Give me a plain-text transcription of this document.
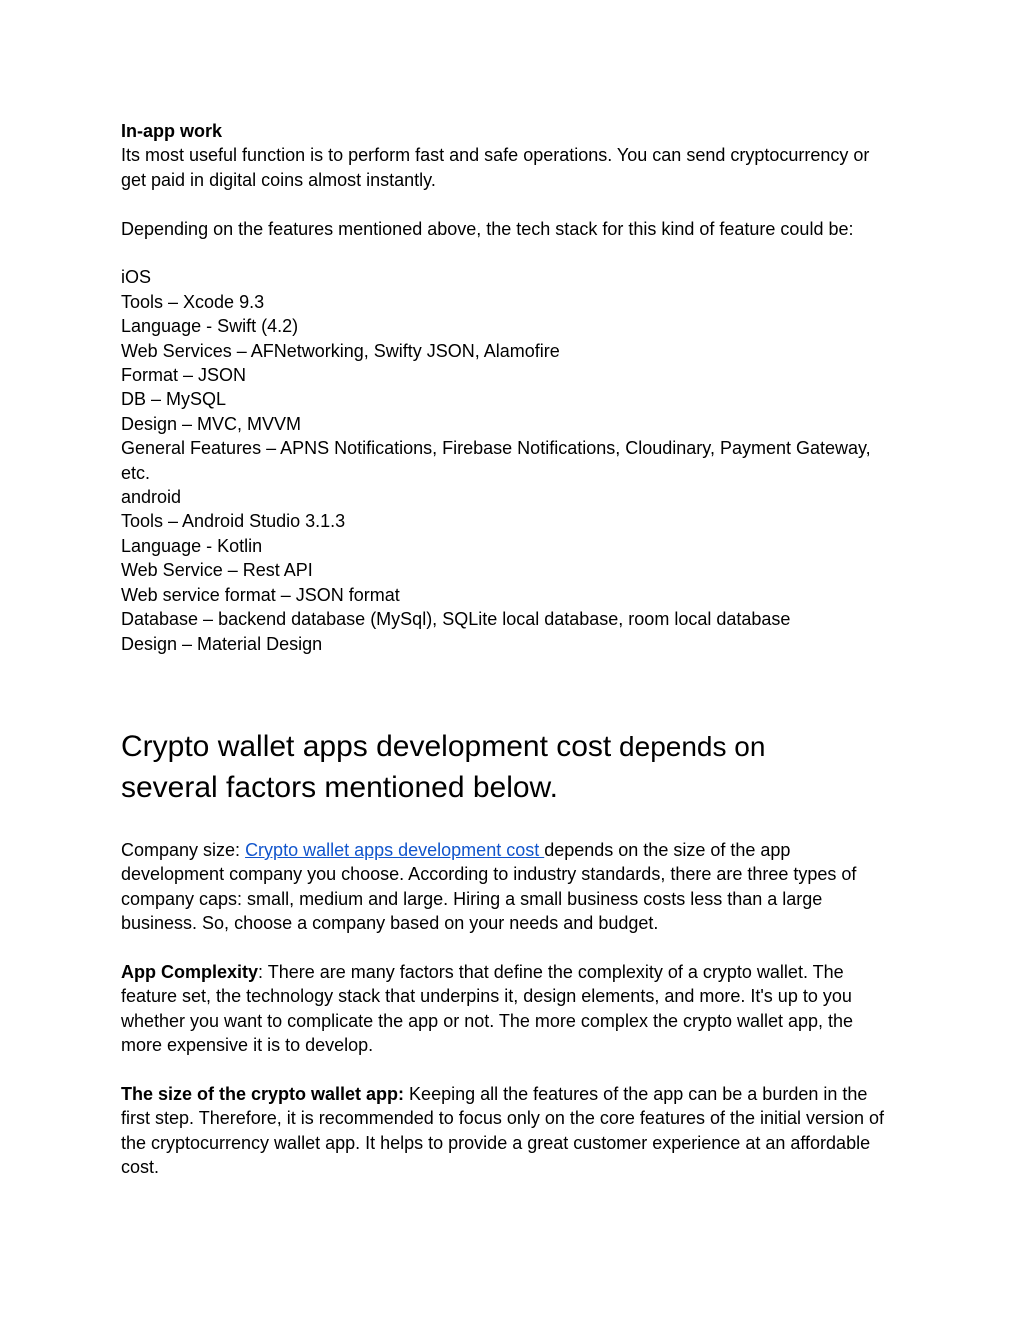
In-app work
Its most useful function is to perform fast and safe operations. You can send cryptocurrency or
get paid in digital coins almost instantly.
Depending on the features mentioned above, the tech stack for this kind of feature could be:
iOS
Tools – Xcode 9.3
Language - Swift (4.2)
Web Services – AFNetworking, Swifty JSON, Alamofire
Format – JSON
DB – MySQL
Design – MVC, MVVM
General Features – APNS Notifications, Firebase Notifications, Cloudinary, Payment Gateway,
etc.
android
Tools – Android Studio 3.1.3
Language - Kotlin
Web Service – Rest API
Web service format – JSON format
Database – backend database (MySql), SQLite local database, room local database
Design – Material Design
Crypto wallet apps development cost depends on
several factors mentioned below.
Company size: Crypto wallet apps development cost depends on the size of the app
development company you choose. According to industry standards, there are three types of
company caps: small, medium and large. Hiring a small business costs less than a large
business. So, choose a company based on your needs and budget.
App Complexity: There are many factors that define the complexity of a crypto wallet. The
feature set, the technology stack that underpins it, design elements, and more. It's up to you
whether you want to complicate the app or not. The more complex the crypto wallet app, the
more expensive it is to develop.
The size of the crypto wallet app: Keeping all the features of the app can be a burden in the
first step. Therefore, it is recommended to focus only on the core features of the initial version of
the cryptocurrency wallet app. It helps to provide a great customer experience at an affordable
cost.
